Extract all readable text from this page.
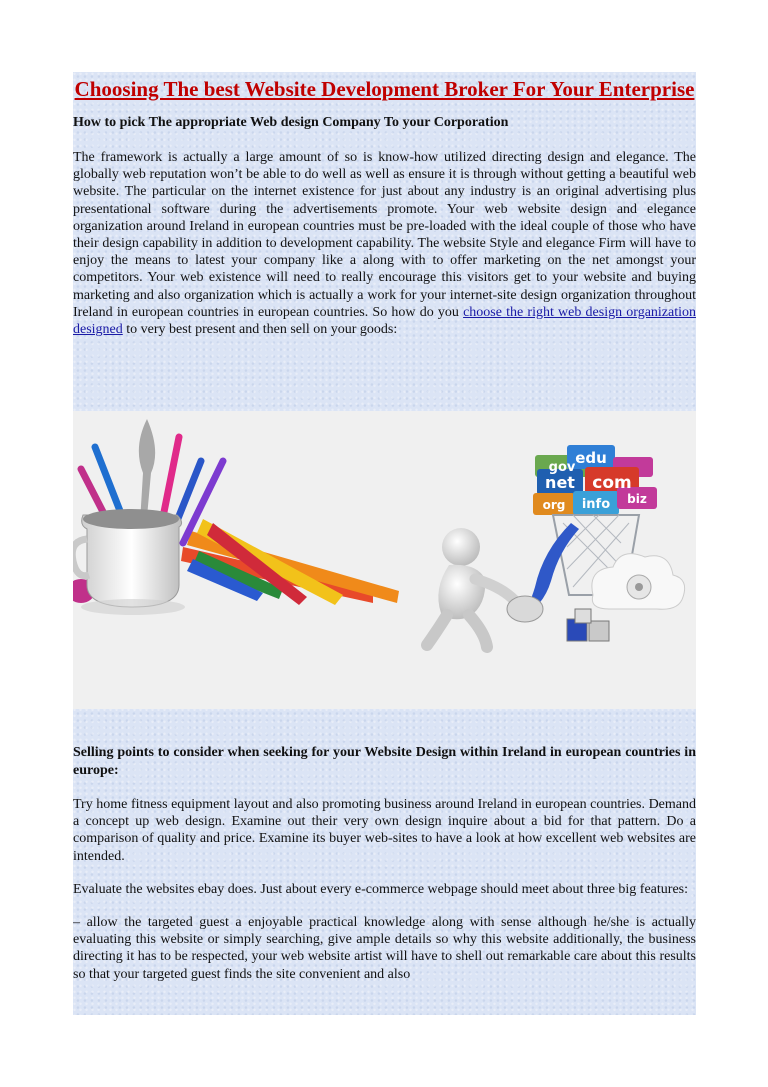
Choosing The best Website Development Broker For Your Enterprise
How to pick The appropriate Web design Company To your Corporation

The framework is actually a large amount of so is know-how utilized directing design and elegance. The globally web reputation won’t be able to do well as well as ensure it is through without getting a beautiful web website. The particular on the internet existence for just about any industry is an original advertising plus presentational software during the advertisements promote. Your web website design and elegance organization around Ireland in european countries must be pre-loaded with the ideal couple of those who have their design capability in addition to development capability. The website Style and elegance Firm will have to enjoy the means to latest your company like a along with to offer marketing on the net amongst your competitors. Your web existence will need to really encourage this visitors get to your website and buying marketing and also organization which is actually a work for your internet-site design organization throughout Ireland in european countries in european countries. So how do you choose the right web design organization designed to very best present and then sell on your goods:

gov
edu
net com
org info biz
Selling points to consider when seeking for your Website Design within Ireland in european countries in europe:

Try home fitness equipment layout and also promoting business around Ireland in european countries. Demand a concept up web design. Examine out their very own design inquire about a bid for that pattern. Do a comparison of quality and price. Examine its buyer web-sites to have a look at how excellent web websites are intended.

Evaluate the websites ebay does. Just about every e-commerce webpage should meet about three big features:

– allow the targeted guest a enjoyable practical knowledge along with sense although he/she is actually evaluating this website or simply searching, give ample details so why this website additionally, the business directing it has to be respected, your web website artist will have to shell out remarkable care about this results so that your targeted guest finds the site convenient and also
